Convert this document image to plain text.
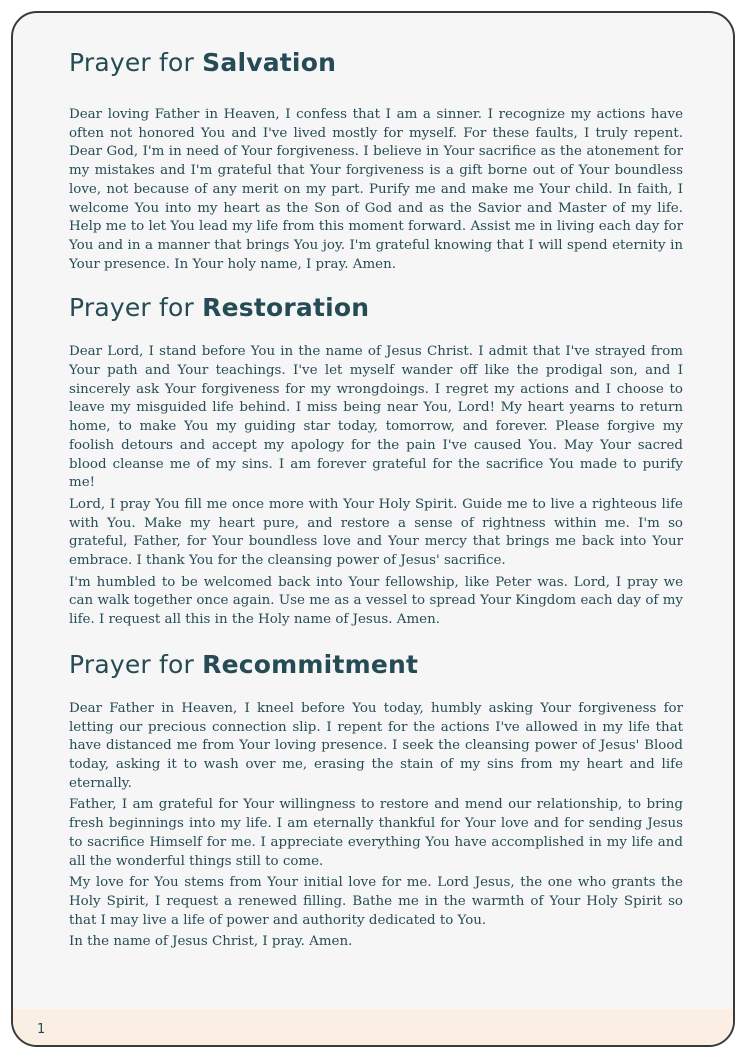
Prayer for Salvation

Dear loving Father in Heaven, I confess that I am a sinner. I recognize my actions have often not honored You and I've lived mostly for myself. For these faults, I truly repent. Dear God, I'm in need of Your forgiveness. I believe in Your sacrifice as the atonement for my mistakes and I'm grateful that Your forgiveness is a gift borne out of Your boundless love, not because of any merit on my part. Purify me and make me Your child. In faith, I welcome You into my heart as the Son of God and as the Savior and Master of my life. Help me to let You lead my life from this moment forward. Assist me in living each day for You and in a manner that brings You joy. I'm grateful knowing that I will spend eternity in Your presence. In Your holy name, I pray. Amen.

Prayer for Restoration

Dear Lord, I stand before You in the name of Jesus Christ. I admit that I've strayed from Your path and Your teachings. I've let myself wander off like the prodigal son, and I sincerely ask Your forgiveness for my wrongdoings. I regret my actions and I choose to leave my misguided life behind. I miss being near You, Lord! My heart yearns to return home, to make You my guiding star today, tomorrow, and forever. Please forgive my foolish detours and accept my apology for the pain I've caused You. May Your sacred blood cleanse me of my sins. I am forever grateful for the sacrifice You made to purify me!

Lord, I pray You fill me once more with Your Holy Spirit. Guide me to live a righteous life with You. Make my heart pure, and restore a sense of rightness within me. I'm so grateful, Father, for Your boundless love and Your mercy that brings me back into Your embrace. I thank You for the cleansing power of Jesus' sacrifice.

I'm humbled to be welcomed back into Your fellowship, like Peter was. Lord, I pray we can walk together once again. Use me as a vessel to spread Your Kingdom each day of my life. I request all this in the Holy name of Jesus. Amen.

Prayer for Recommitment

Dear Father in Heaven, I kneel before You today, humbly asking Your forgiveness for letting our precious connection slip. I repent for the actions I've allowed in my life that have distanced me from Your loving presence. I seek the cleansing power of Jesus' Blood today, asking it to wash over me, erasing the stain of my sins from my heart and life eternally.

Father, I am grateful for Your willingness to restore and mend our relationship, to bring fresh beginnings into my life. I am eternally thankful for Your love and for sending Jesus to sacrifice Himself for me. I appreciate everything You have accomplished in my life and all the wonderful things still to come.

My love for You stems from Your initial love for me. Lord Jesus, the one who grants the Holy Spirit, I request a renewed filling. Bathe me in the warmth of Your Holy Spirit so that I may live a life of power and authority dedicated to You.

In the name of Jesus Christ, I pray. Amen.

1
